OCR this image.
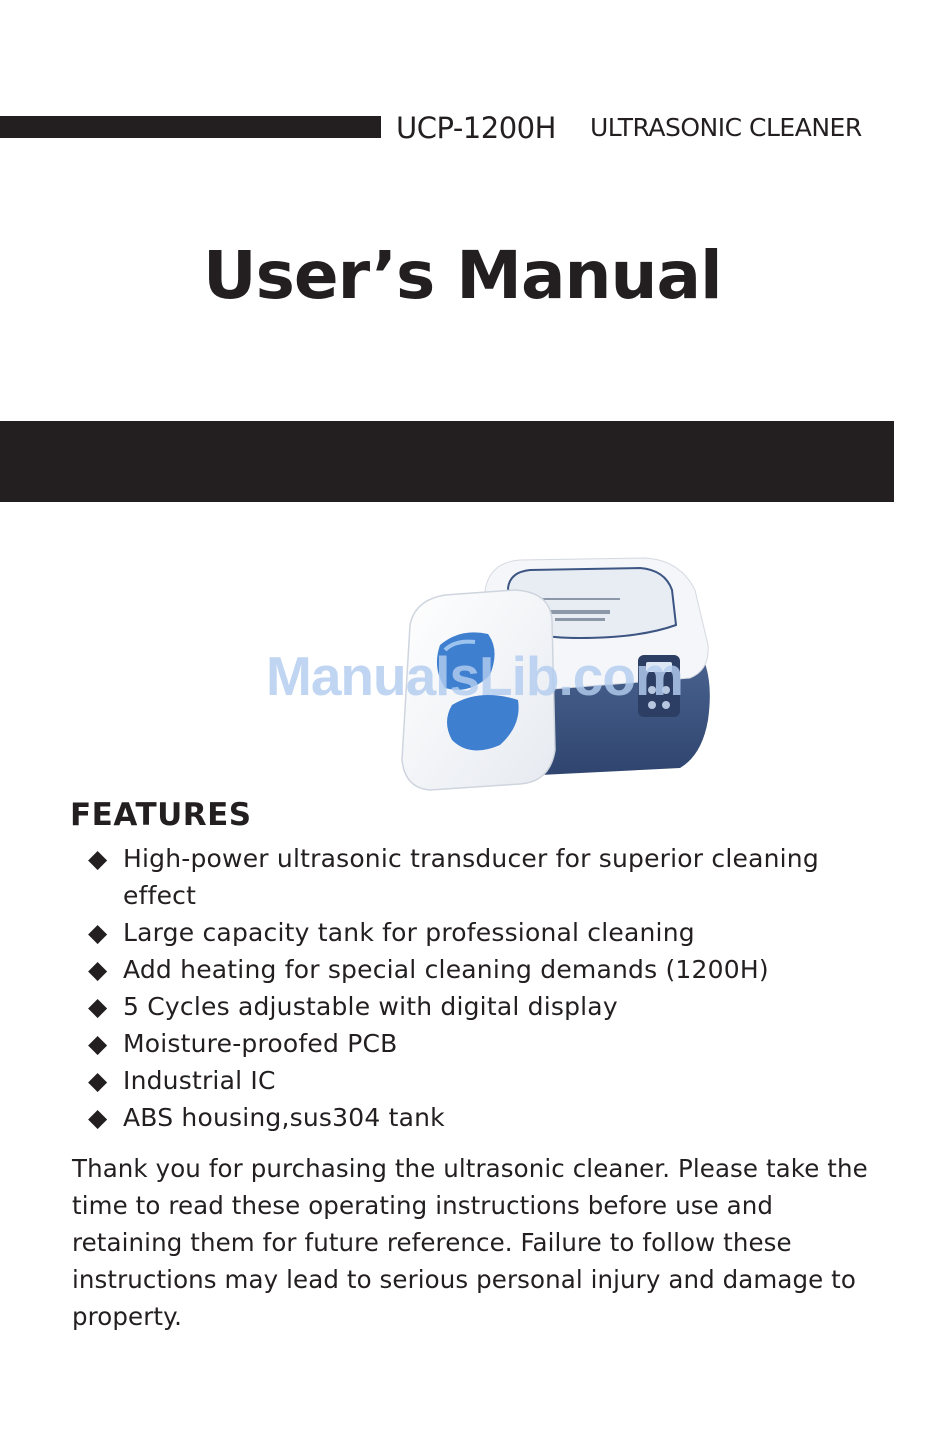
UCP-1200H ULTRASONIC CLEANER
User’s Manual
ManualsLib.com
FEATURES
◆ High-power ultrasonic transducer for superior cleaning effect
◆ Large capacity tank for professional cleaning
◆ Add heating for special cleaning demands (1200H)
◆ 5 Cycles adjustable with digital display
◆ Moisture-proofed PCB
◆ Industrial IC
◆ ABS housing,sus304 tank

Thank you for purchasing the ultrasonic cleaner. Please take the time to read these operating instructions before use and retaining them for future reference. Failure to follow these instructions may lead to serious personal injury and damage to property.
